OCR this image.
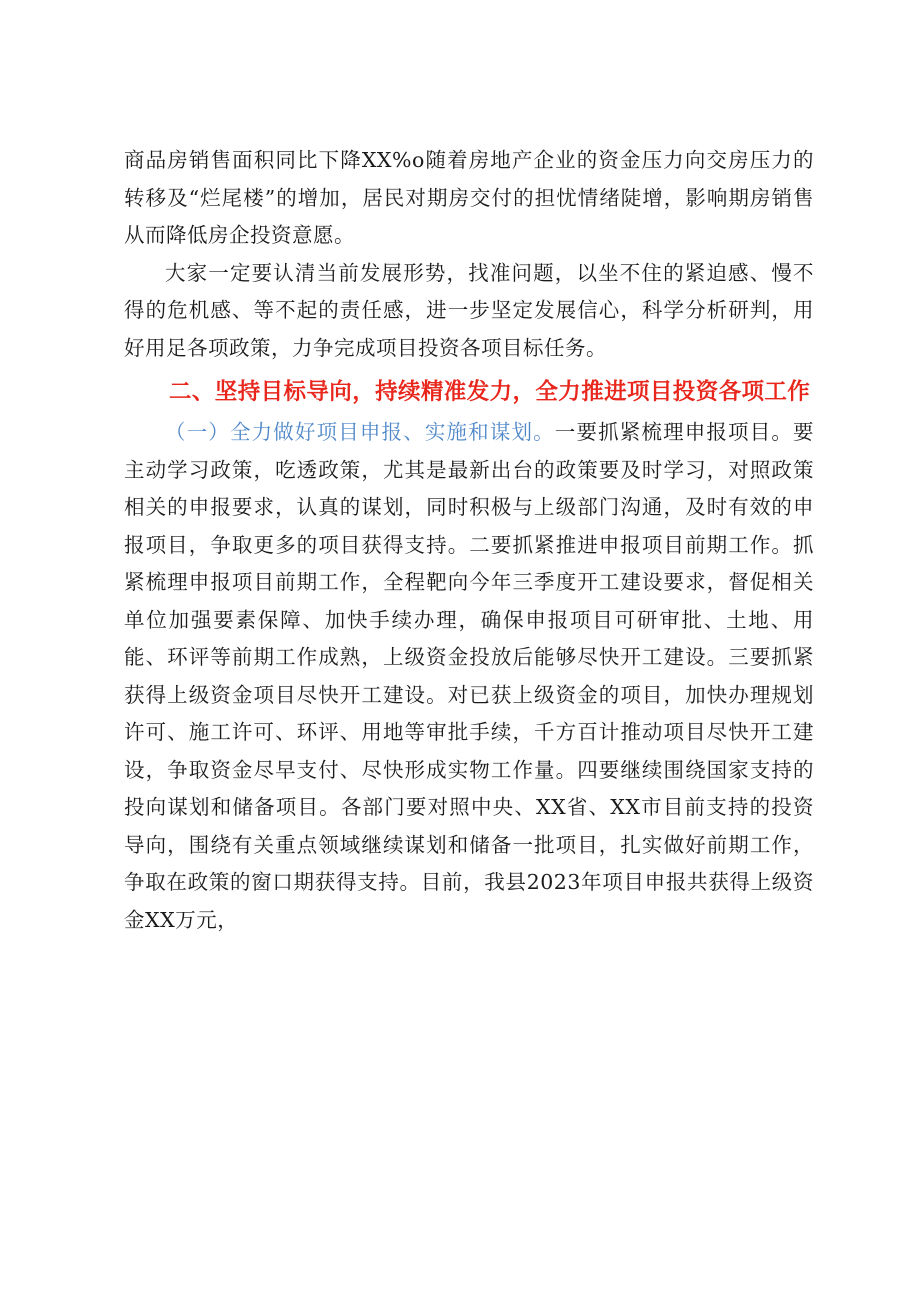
商品房销售面积同比下降XX%o随着房地产企业的资金压力向交房压力的转移及“烂尾楼”的增加，居民对期房交付的担忧情绪陡增，影响期房销售从而降低房企投资意愿。

大家一定要认清当前发展形势，找准问题，以坐不住的紧迫感、慢不得的危机感、等不起的责任感，进一步坚定发展信心，科学分析研判，用好用足各项政策，力争完成项目投资各项目标任务。

二、坚持目标导向，持续精准发力，全力推进项目投资各项工作

（一）全力做好项目申报、实施和谋划。一要抓紧梳理申报项目。要主动学习政策，吃透政策，尤其是最新出台的政策要及时学习，对照政策相关的申报要求，认真的谋划，同时积极与上级部门沟通，及时有效的申报项目，争取更多的项目获得支持。二要抓紧推进申报项目前期工作。抓紧梳理申报项目前期工作，全程靶向今年三季度开工建设要求，督促相关单位加强要素保障、加快手续办理，确保申报项目可研审批、土地、用能、环评等前期工作成熟，上级资金投放后能够尽快开工建设。三要抓紧获得上级资金项目尽快开工建设。对已获上级资金的项目，加快办理规划许可、施工许可、环评、用地等审批手续，千方百计推动项目尽快开工建设，争取资金尽早支付、尽快形成实物工作量。四要继续围绕国家支持的投向谋划和储备项目。各部门要对照中央、XX省、XX市目前支持的投资导向，围绕有关重点领域继续谋划和储备一批项目，扎实做好前期工作，争取在政策的窗口期获得支持。目前，我县2023年项目申报共获得上级资金XX万元，
